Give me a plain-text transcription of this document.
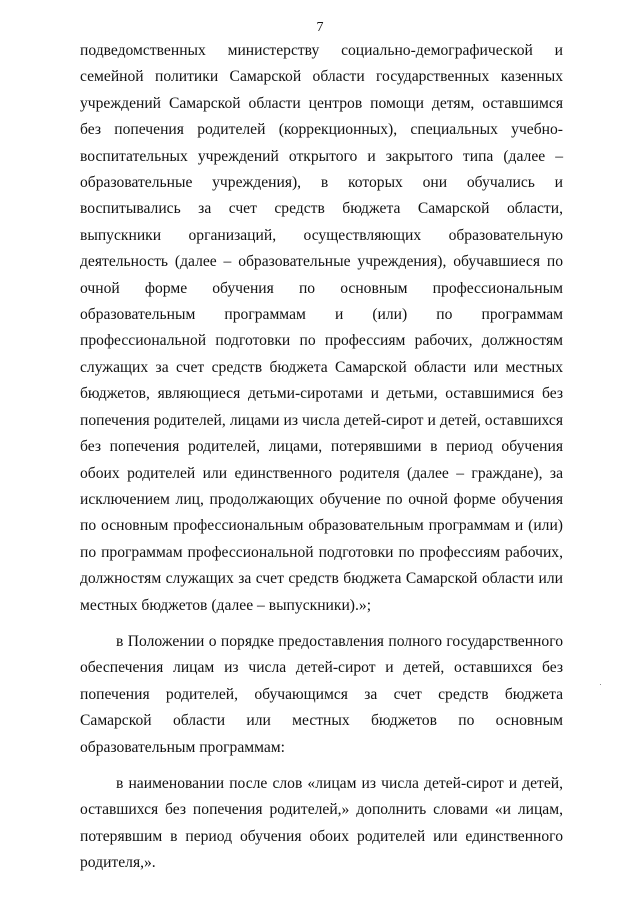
7

подведомственных министерству социально-демографической и семейной политики Самарской области государственных казенных учреждений Самарской области центров помощи детям, оставшимся без попечения родителей (коррекционных), специальных учебно-воспитательных учреждений открытого и закрытого типа (далее – образовательные учреждения), в которых они обучались и воспитывались за счет средств бюджета Самарской области, выпускники организаций, осуществляющих образовательную деятельность (далее – образовательные учреждения), обучавшиеся по очной форме обучения по основным профессиональным образовательным программам и (или) по программам профессиональной подготовки по профессиям рабочих, должностям служащих за счет средств бюджета Самарской области или местных бюджетов, являющиеся детьми-сиротами и детьми, оставшимися без попечения родителей, лицами из числа детей-сирот и детей, оставшихся без попечения родителей, лицами, потерявшими в период обучения обоих родителей или единственного родителя (далее – граждане), за исключением лиц, продолжающих обучение по очной форме обучения по основным профессиональным образовательным программам и (или) по программам профессиональной подготовки по профессиям рабочих, должностям служащих за счет средств бюджета Самарской области или местных бюджетов (далее – выпускники).»;

в Положении о порядке предоставления полного государственного обеспечения лицам из числа детей-сирот и детей, оставшихся без попечения родителей, обучающимся за счет средств бюджета Самарской области или местных бюджетов по основным образовательным программам:

в наименовании после слов «лицам из числа детей-сирот и детей, оставшихся без попечения родителей,» дополнить словами «и лицам, потерявшим в период обучения обоих родителей или единственного родителя,».
